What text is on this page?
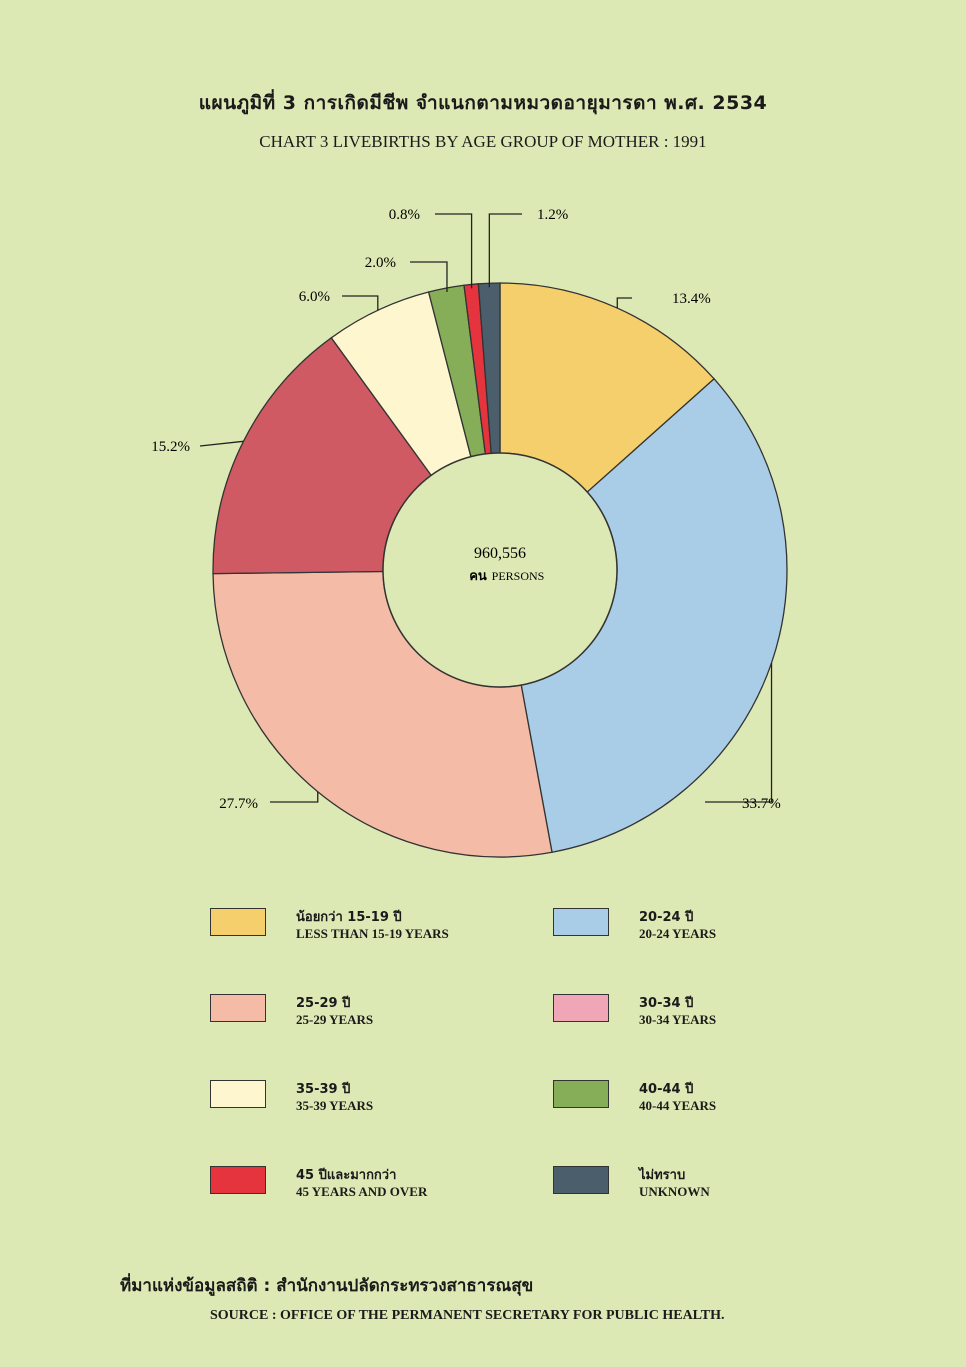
แผนภูมิที่ 3 การเกิดมีชีพ จำแนกตามหมวดอายุมารดา พ.ศ. 2534
CHART 3 LIVEBIRTHS BY AGE GROUP OF MOTHER : 1991
13.4%
33.7%
27.7%
15.2%
6.0%
2.0%
0.8%	1.2%
960,556
คน PERSONS
น้อยกว่า 15-19 ปี
LESS THAN 15-19 YEARS
20-24 ปี
20-24 YEARS
25-29 ปี
25-29 YEARS
30-34 ปี
30-34 YEARS
35-39 ปี
35-39 YEARS
40-44 ปี
40-44 YEARS
45 ปีและมากกว่า
45 YEARS AND OVER
ไม่ทราบ
UNKNOWN
ที่มาแห่งข้อมูลสถิติ : สำนักงานปลัดกระทรวงสาธารณสุข
SOURCE : OFFICE OF THE PERMANENT SECRETARY FOR PUBLIC HEALTH.
